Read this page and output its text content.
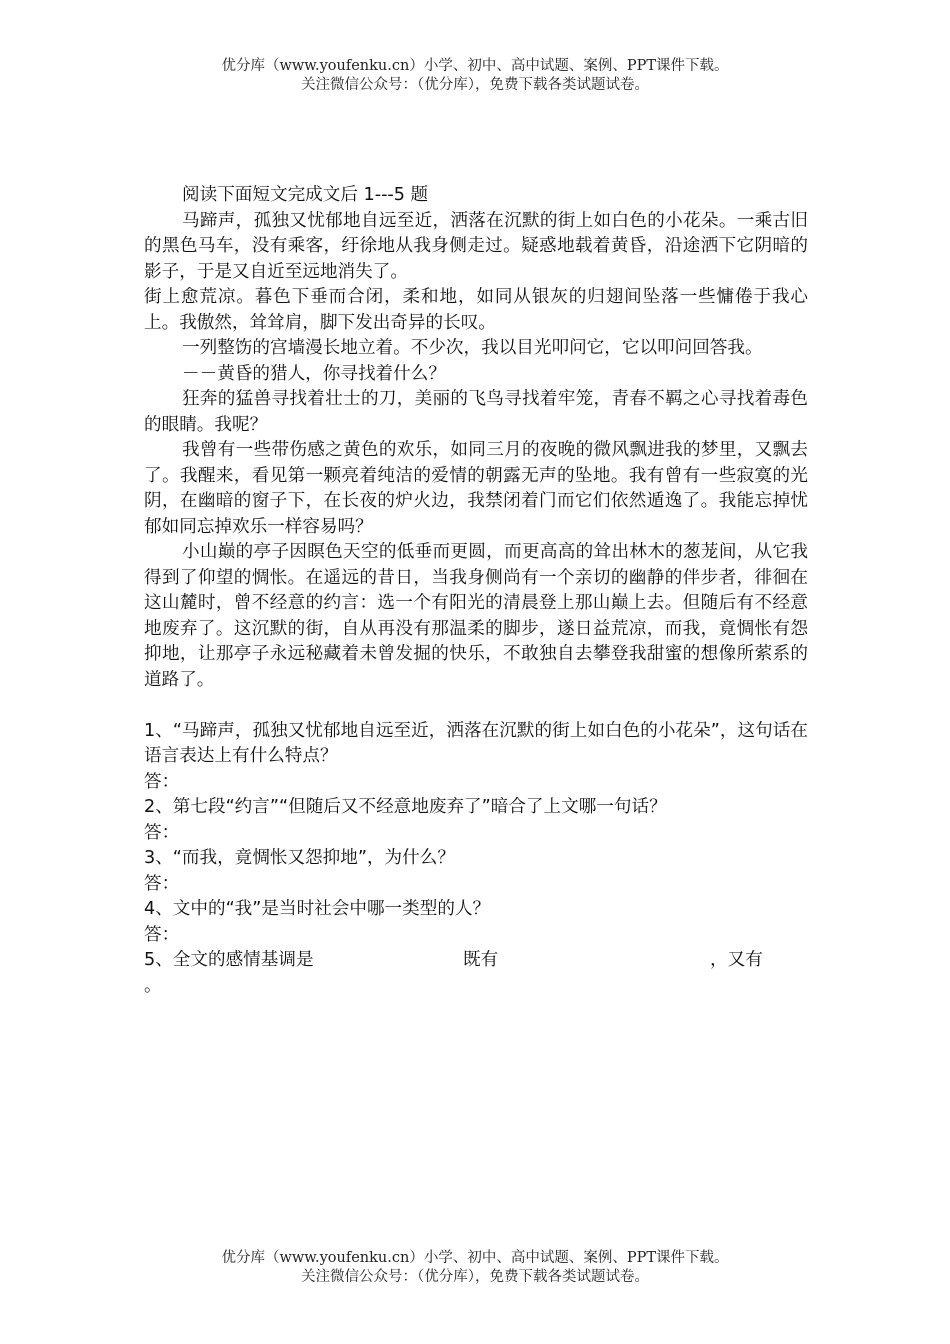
优分库（www.youfenku.cn）小学、初中、高中试题、案例、PPT课件下载。
关注微信公众号：（优分库），免费下载各类试题试卷。

阅读下面短文完成文后 1---5 题

马蹄声，孤独又忧郁地自远至近，洒落在沉默的街上如白色的小花朵。一乘古旧的黑色马车，没有乘客，纡徐地从我身侧走过。疑惑地载着黄昏，沿途洒下它阴暗的影子，于是又自近至远地消失了。

街上愈荒凉。暮色下垂而合闭，柔和地，如同从银灰的归翅间坠落一些慵倦于我心上。我傲然，耸耸肩，脚下发出奇异的长叹。

一列整饬的宫墙漫长地立着。不少次，我以目光叩问它，它以叩问回答我。

－－黄昏的猎人，你寻找着什么？

狂奔的猛兽寻找着壮士的刀，美丽的飞鸟寻找着牢笼，青春不羁之心寻找着毒色的眼睛。我呢？

我曾有一些带伤感之黄色的欢乐，如同三月的夜晚的微风飘进我的梦里，又飘去了。我醒来，看见第一颗亮着纯洁的爱情的朝露无声的坠地。我有曾有一些寂寞的光阴，在幽暗的窗子下，在长夜的炉火边，我禁闭着门而它们依然遁逸了。我能忘掉忧郁如同忘掉欢乐一样容易吗？

小山巅的亭子因瞑色天空的低垂而更圆，而更高高的耸出林木的葱茏间，从它我得到了仰望的惆怅。在遥远的昔日，当我身侧尚有一个亲切的幽静的伴步者，徘徊在这山麓时，曾不经意的约言：选一个有阳光的清晨登上那山巅上去。但随后有不经意地废弃了。这沉默的街，自从再没有那温柔的脚步，遂日益荒凉，而我，竟惆怅有怨抑地，让那亭子永远秘藏着未曾发掘的快乐，不敢独自去攀登我甜蜜的想像所萦系的道路了。

1、“马蹄声，孤独又忧郁地自远至近，洒落在沉默的街上如白色的小花朵”，这句话在语言表达上有什么特点？

答：

2、第七段“约言”“但随后又不经意地废弃了”暗合了上文哪一句话？

答：

3、“而我，竟惆怅又怨抑地”，为什么？

答：

4、文中的“我”是当时社会中哪一类型的人？

答：

5、全文的感情基调是	既有	，又有

。

优分库（www.youfenku.cn）小学、初中、高中试题、案例、PPT课件下载。
关注微信公众号：（优分库），免费下载各类试题试卷。
